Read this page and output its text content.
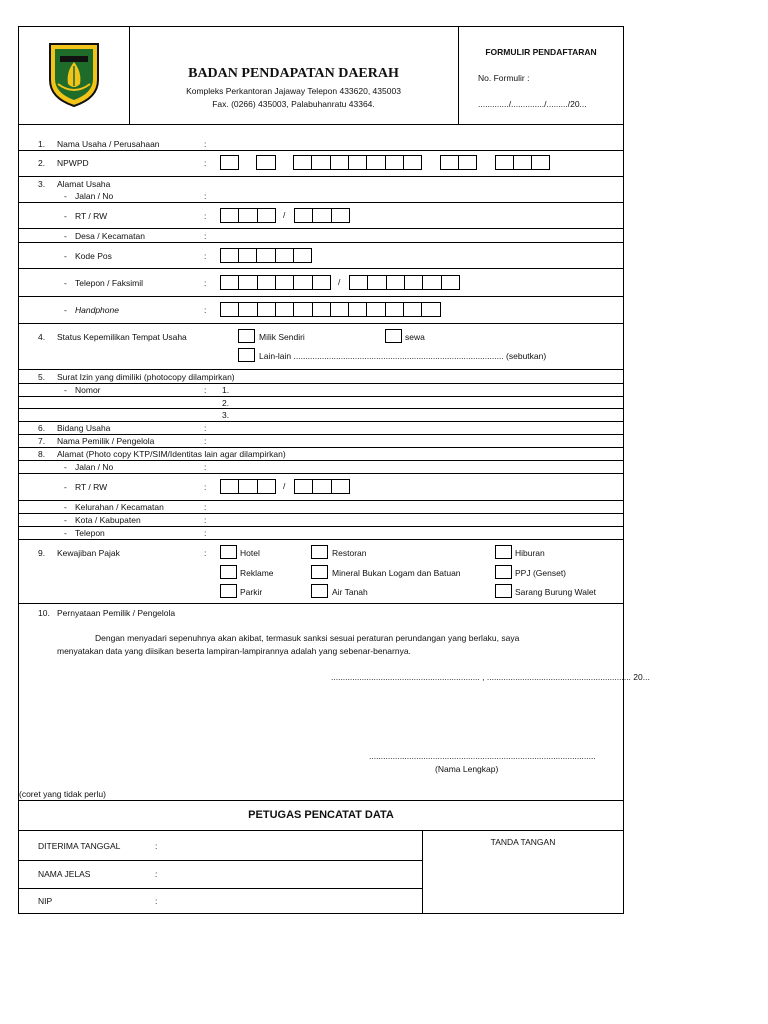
BADAN PENDAPATAN DAERAH
Kompleks Perkantoran Jajaway Telepon 433620, 435003
Fax. (0266) 435003, Palabuhanratu 43364.
FORMULIR PENDAFTARAN
No. Formulir :
............./............../........./20...
1. Nama Usaha / Perusahaan	:
2. NPWPD	:
3. Alamat Usaha
- Jalan / No	:
- RT / RW	:	/
- Desa / Kecamatan	:
- Kode Pos	:
- Telepon / Faksimil	:	/
- Handphone	:
4. Status Kepemilikan Tempat Usaha	Milik Sendiri	sewa
Lain-lain ......................................................................................... (sebutkan)
5. Surat Izin yang dimiliki (photocopy dilampirkan)
- Nomor	: 1.
2.
3.
6. Bidang Usaha	:
7. Nama Pemilik / Pengelola	:
8. Alamat (Photo copy KTP/SIM/Identitas lain agar dilampirkan)
- Jalan / No	:
- RT / RW	:	/
- Kelurahan / Kecamatan	:
- Kota / Kabupaten	:
- Telepon	:
9. Kewajiban Pajak	:	Hotel	Restoran	Hiburan
Reklame	Mineral Bukan Logam dan Batuan	PPJ (Genset)
Parkir	Air Tanah	Sarang Burung Walet
10. Pernyataan Pemilik / Pengelola
Dengan menyadari sepenuhnya akan akibat, termasuk sanksi sesuai peraturan perundangan yang berlaku, saya
menyatakan data yang diisikan beserta lampiran-lampirannya adalah yang sebenar-benarnya.
............................................................... , ............................................................. 20...
................................................................................................
(Nama Lengkap)
(coret yang tidak perlu)
PETUGAS PENCATAT DATA
DITERIMA TANGGAL	:
NAMA JELAS	:
NIP	:
TANDA TANGAN
